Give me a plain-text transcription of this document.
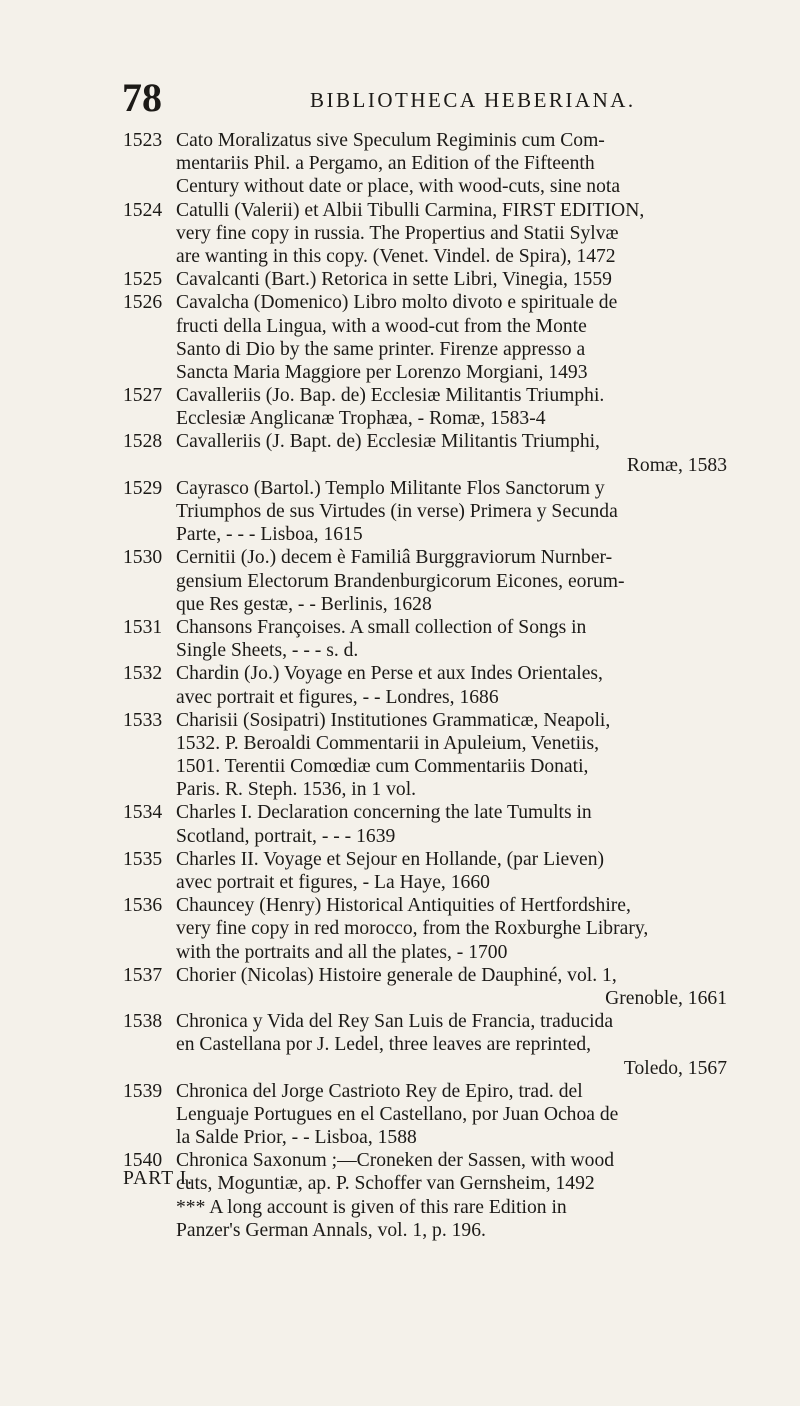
78	BIBLIOTHECA HEBERIANA.
1523 Cato Moralizatus sive Speculum Regiminis cum Com-
mentariis Phil. a Pergamo, an Edition of the Fifteenth
Century without date or place, with wood-cuts, sine nota
1524 Catulli (Valerii) et Albii Tibulli Carmina, FIRST EDITION,
very fine copy in russia. The Propertius and Statii Sylvæ
are wanting in this copy. (Venet. Vindel. de Spira), 1472
1525 Cavalcanti (Bart.) Retorica in sette Libri, Vinegia, 1559
1526 Cavalcha (Domenico) Libro molto divoto e spirituale de
fructi della Lingua, with a wood-cut from the Monte
Santo di Dio by the same printer. Firenze appresso a
Sancta Maria Maggiore per Lorenzo Morgiani, 1493
1527 Cavalleriis (Jo. Bap. de) Ecclesiæ Militantis Triumphi.
Ecclesiæ Anglicanæ Trophæa, - Romæ, 1583-4
1528 Cavalleriis (J. Bapt. de) Ecclesiæ Militantis Triumphi,
Romæ, 1583
1529 Cayrasco (Bartol.) Templo Militante Flos Sanctorum y
Triumphos de sus Virtudes (in verse) Primera y Secunda
Parte, - - - Lisboa, 1615
1530 Cernitii (Jo.) decem è Familiâ Burggraviorum Nurnber-
gensium Electorum Brandenburgicorum Eicones, eorum-
que Res gestæ, - - Berlinis, 1628
1531 Chansons Françoises. A small collection of Songs in
Single Sheets, - - - s. d.
1532 Chardin (Jo.) Voyage en Perse et aux Indes Orientales,
avec portrait et figures, - - Londres, 1686
1533 Charisii (Sosipatri) Institutiones Grammaticæ, Neapoli,
1532. P. Beroaldi Commentarii in Apuleium, Venetiis,
1501. Terentii Comœdiæ cum Commentariis Donati,
Paris. R. Steph. 1536, in 1 vol.
1534 Charles I. Declaration concerning the late Tumults in
Scotland, portrait, - - - 1639
1535 Charles II. Voyage et Sejour en Hollande, (par Lieven)
avec portrait et figures, - La Haye, 1660
1536 Chauncey (Henry) Historical Antiquities of Hertfordshire,
very fine copy in red morocco, from the Roxburghe Library,
with the portraits and all the plates, - 1700
1537 Chorier (Nicolas) Histoire generale de Dauphiné, vol. 1,
Grenoble, 1661
1538 Chronica y Vida del Rey San Luis de Francia, traducida
en Castellana por J. Ledel, three leaves are reprinted,
Toledo, 1567
1539 Chronica del Jorge Castrioto Rey de Epiro, trad. del
Lenguaje Portugues en el Castellano, por Juan Ochoa de
la Salde Prior, - - Lisboa, 1588
1540 Chronica Saxonum ;—Croneken der Sassen, with wood
cuts, Moguntiæ, ap. P. Schoffer van Gernsheim, 1492
*** A long account is given of this rare Edition in
Panzer's German Annals, vol. 1, p. 196.
PART I.
